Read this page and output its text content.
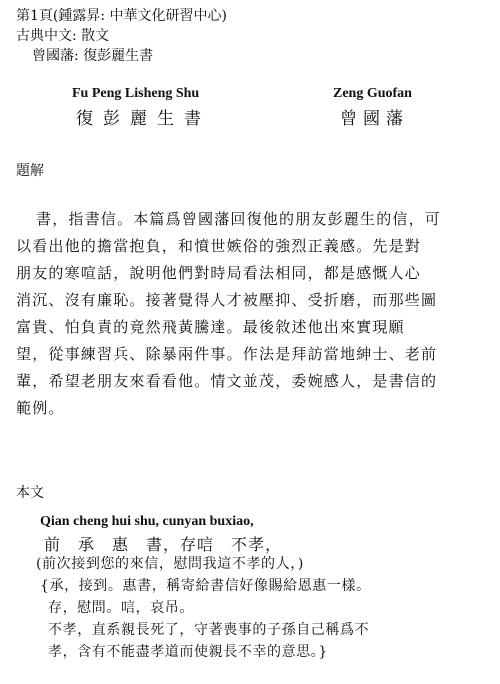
第1頁(鍾露昇: 中華文化研習中心)
古典中文: 散文
曾國藩: 復彭麗生書
Fu Peng Lisheng Shu
復彭麗生書
Zeng Guofan
曾國藩
題解
書，指書信。本篇爲曾國藩回復他的朋友彭麗生的信，可
以看出他的擔當抱負，和憤世嫉俗的強烈正義感。先是對
朋友的寒喧話，說明他們對時局看法相同，都是感慨人心
消沉、沒有廉恥。接著覺得人才被壓抑、受折磨，而那些圖
富貴、怕負責的竟然飛黃騰達。最後敘述他出來實現願
望，從事練習兵、除暴兩件事。作法是拜訪當地紳士、老前
輩，希望老朋友來看看他。情文並茂，委婉感人，是書信的
範例。
本文
Qian cheng hui shu, cunyan buxiao,
前　承　惠　書，存唁　不孝，
(前次接到您的來信，慰問我這不孝的人，)
{承，接到。惠書，稱寄給書信好像賜給恩惠一樣。
存，慰問。唁，哀吊。
不孝，直系親長死了，守著喪事的子孫自己稱爲不
孝，含有不能盡孝道而使親長不幸的意思。}
